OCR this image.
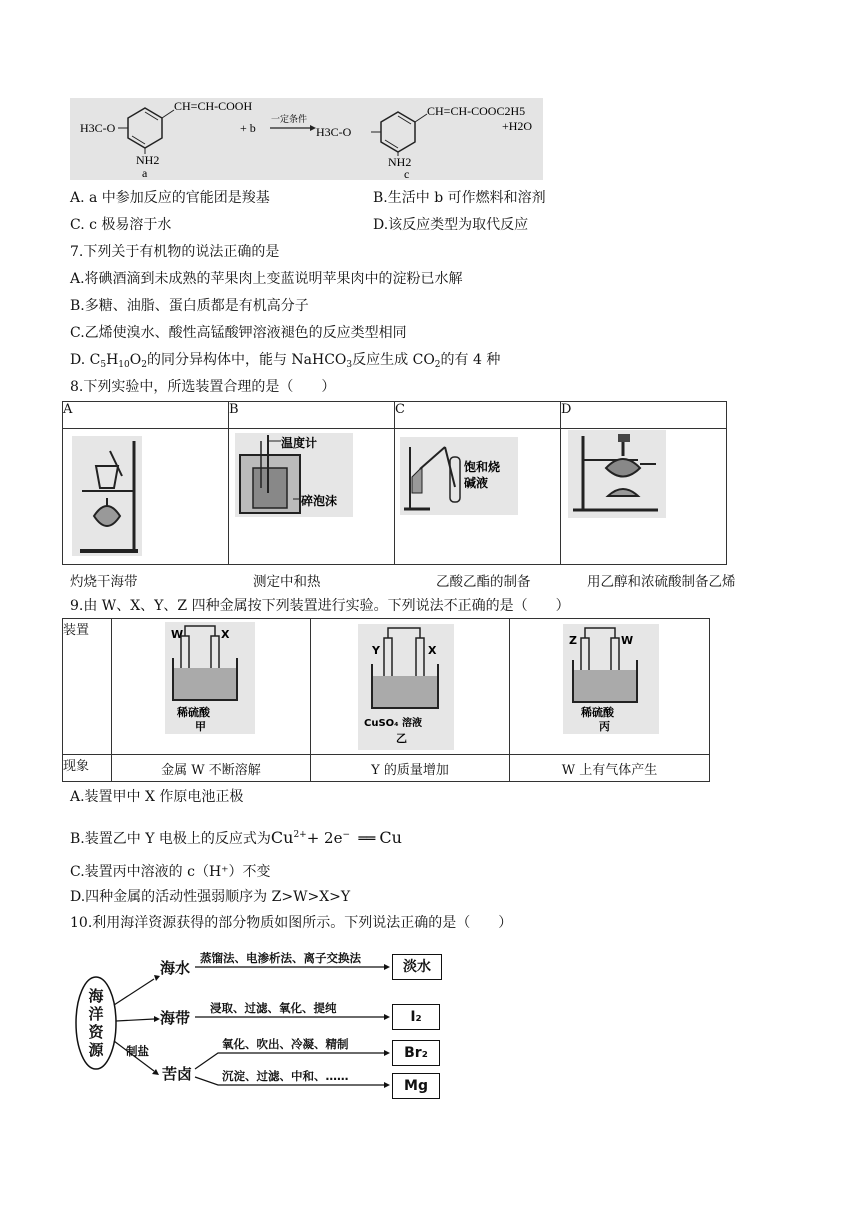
H3C-O
CH=CH-COOH
NH2
a
+ b
一定条件
H3C-O
CH=CH-COOC2H5
+H2O
NH2
c
A. a 中参加反应的官能团是羧基	B.生活中 b 可作燃料和溶剂
C. c 极易溶于水	D.该反应类型为取代反应
7.下列关于有机物的说法正确的是
A.将碘酒滴到未成熟的苹果肉上变蓝说明苹果肉中的淀粉已水解
B.多糖、油脂、蛋白质都是有机高分子
C.乙烯使溴水、酸性高锰酸钾溶液褪色的反应类型相同
D. $C_5H_{10}O_2$的同分异构体中，能与 NaHCO$_3$反应生成 $CO_2$的有 4 种
8.下列实验中，所选装置合理的是（　　）
A	B	C	D

温度计
碎泡沫
饱和烧碱液
灼烧干海带	测定中和热	乙酸乙酯的制备	用乙醇和浓硫酸制备乙烯
9.由 W、X、Y、Z 四种金属按下列装置进行实验。下列说法不正确的是（　　）
装置			
现象	金属 W 不断溶解	Y 的质量增加	W 上有气体产生
W	X
稀硫酸
甲
Y	X
CuSO₄ 溶液
乙
Z	W
稀硫酸
丙
A.装置甲中 X 作原电池正极
B.装置乙中 Y 电极上的反应式为$Cu^{2+}+ 2e^-$ ══ Cu
C.装置丙中溶液的 c（H⁺）不变
D.四种金属的活动性强弱顺序为 Z>W>X>Y
10.利用海洋资源获得的部分物质如图所示。下列说法正确的是（　　）
海洋资源
海水
海带
苦卤
制盐
蒸馏法、电渗析法、离子交换法
浸取、过滤、氧化、提纯
氧化、吹出、冷凝、精制
沉淀、过滤、中和、……
淡水
I₂
Br₂
Mg
